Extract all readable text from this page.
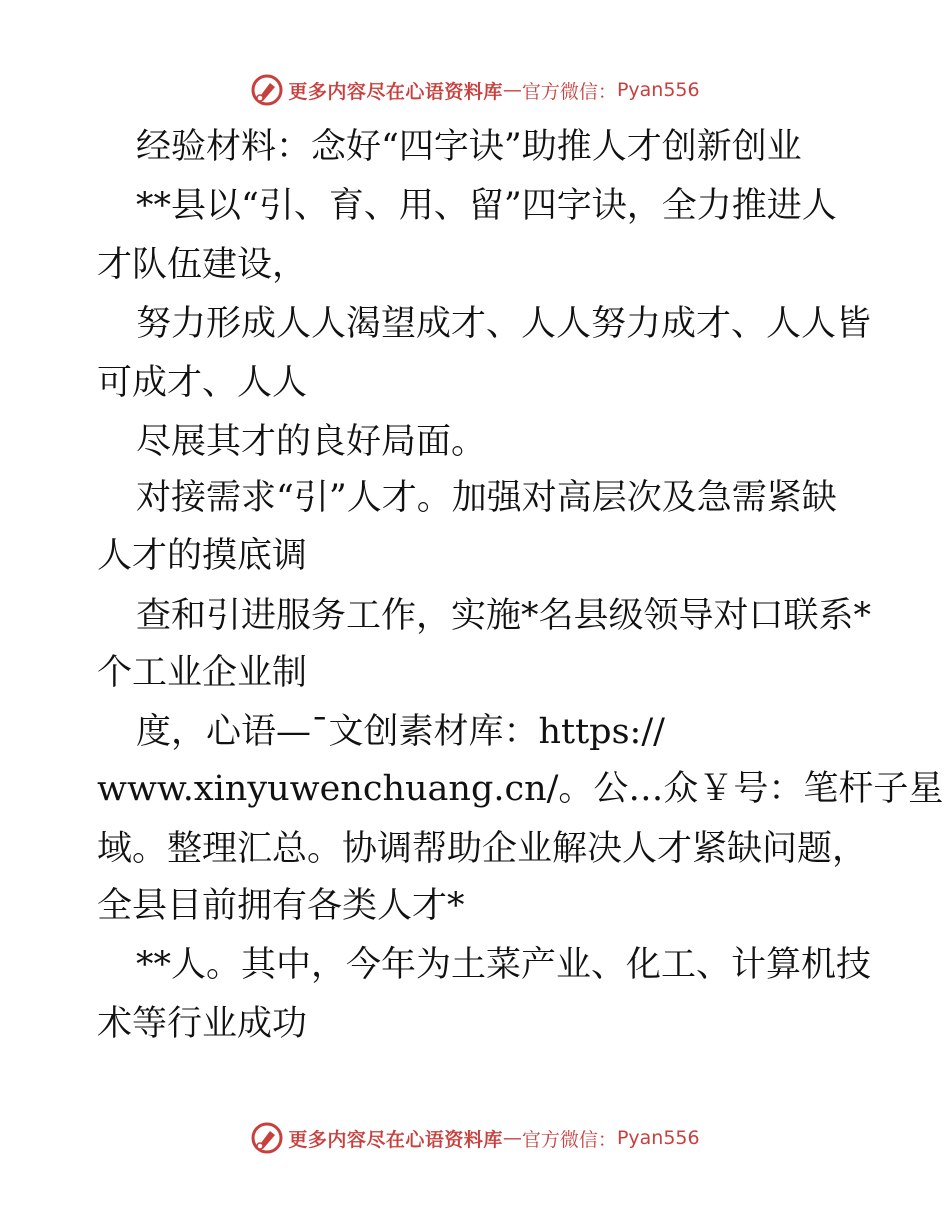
更多内容尽在心语资料库 — 官方微信： Pyan556
经验材料：念好“四字诀”助推人才创新创业
**县以“引、育、用、留”四字诀，全力推进人
才队伍建设，
努力形成人人渴望成才、人人努力成才、人人皆
可成才、人人
尽展其才的良好局面。
对接需求“引”人才。加强对高层次及急需紧缺
人才的摸底调
查和引进服务工作，实施*名县级领导对口联系*
个工业企业制
度，心语—¯文创素材库：https://
www.xinyuwenchuang.cn/。公…众￥号：笔杆子星
域。整理汇总。协调帮助企业解决人才紧缺问题，
全县目前拥有各类人才*
**人。其中，今年为土菜产业、化工、计算机技
术等行业成功
更多内容尽在心语资料库 — 官方微信： Pyan556
